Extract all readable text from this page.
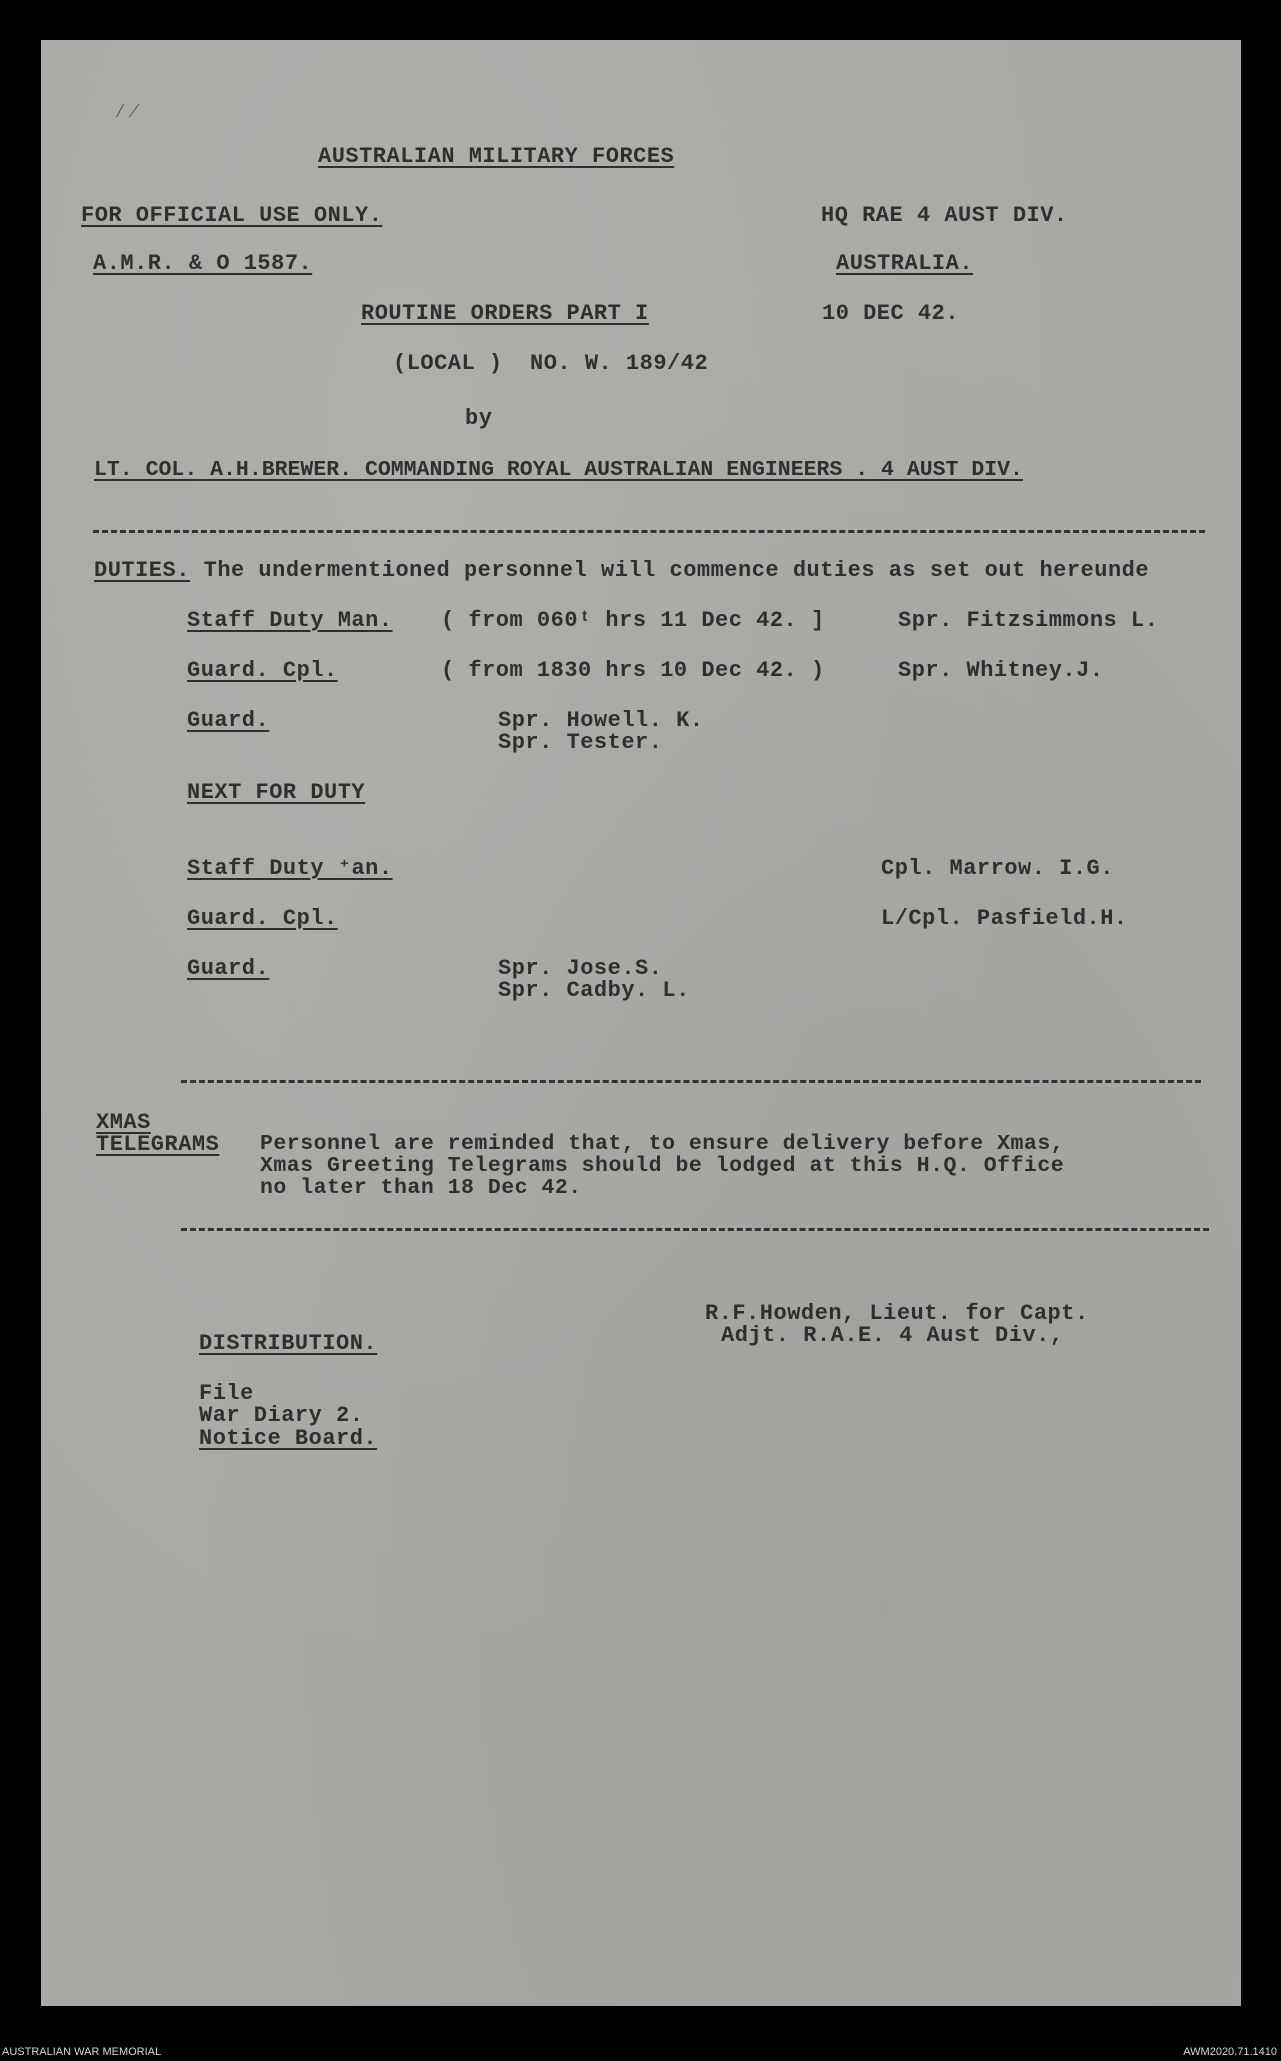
/  ⁄
AUSTRALIAN MILITARY FORCES
FOR OFFICIAL USE ONLY.	HQ RAE 4 AUST DIV.
A.M.R. & O 1587.	AUSTRALIA.
ROUTINE ORDERS PART I	10 DEC 42.
(LOCAL )  NO. W. 189/42
by
LT. COL. A.H.BREWER. COMMANDING ROYAL AUSTRALIAN ENGINEERS . 4 AUST DIV.
DUTIES. The undermentioned personnel will commence duties as set out hereunde
Staff Duty Man. ( from 060ᵗ hrs 11 Dec 42. ]	Spr. Fitzsimmons L.
Guard. Cpl.	( from 1830 hrs 10 Dec 42. )	Spr. Whitney.J.
Guard.	Spr. Howell. K.
Spr. Tester.
NEXT FOR DUTY
Staff Duty ⁺an.	Cpl. Marrow. I.G.
Guard. Cpl.	L/Cpl. Pasfield.H.
Guard.	Spr. Jose.S.
Spr. Cadby. L.
XMAS
TELEGRAMS Personnel are reminded that, to ensure delivery before Xmas,
Xmas Greeting Telegrams should be lodged at this H.Q. Office
no later than 18 Dec 42.
R.F.Howden, Lieut. for Capt.
Adjt. R.A.E. 4 Aust Div.,
DISTRIBUTION.
File
War Diary 2.
Notice Board.
AUSTRALIAN WAR MEMORIAL	AWM2020.71.1410
